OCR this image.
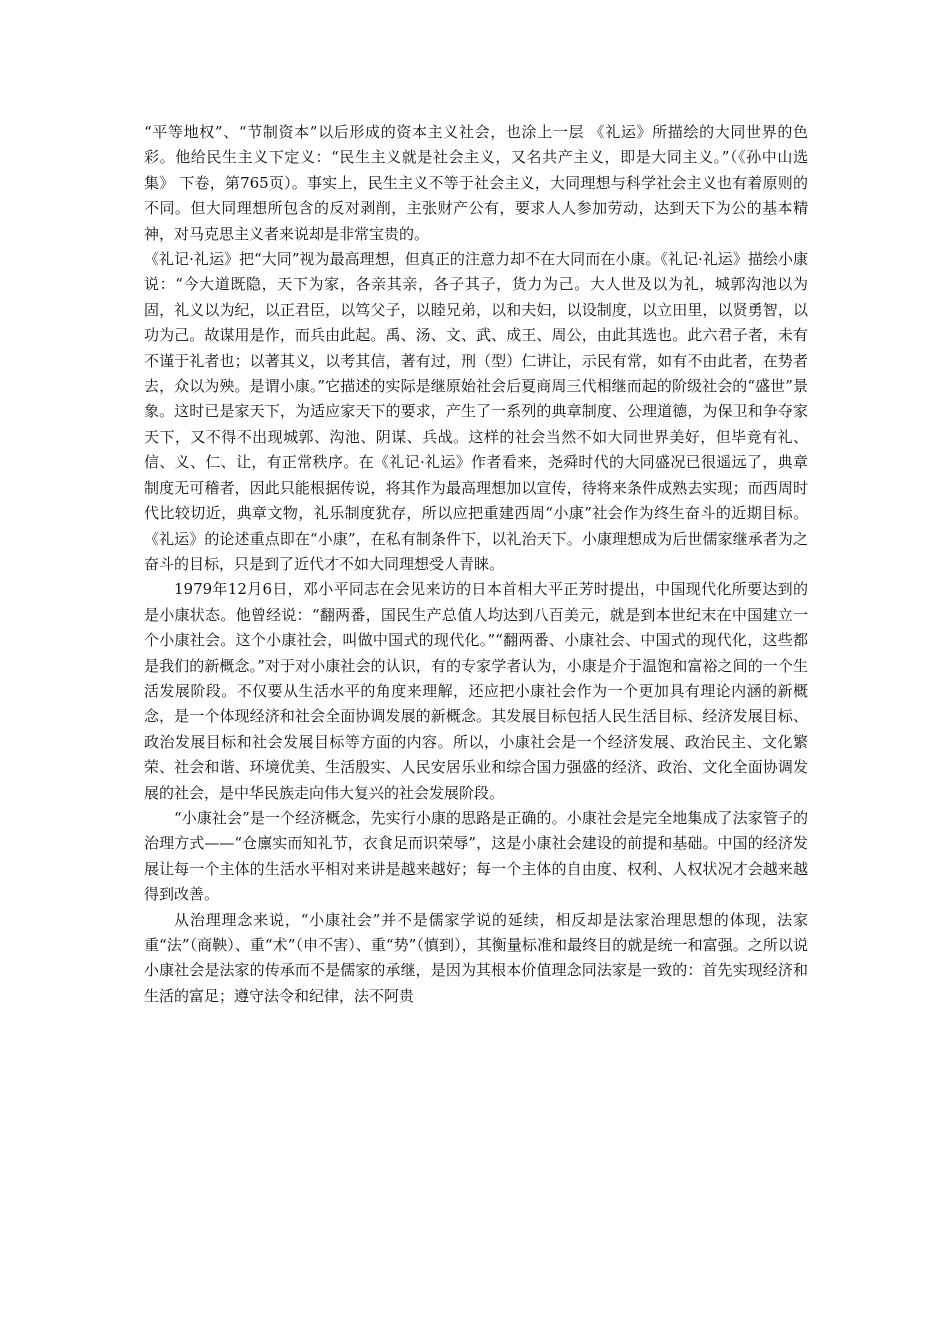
“平等地权”、“节制资本”以后形成的资本主义社会，也涂上一层 《礼运》所描绘的大同世界的色彩。他给民生主义下定义：“民生主义就是社会主义，又名共产主义，即是大同主义。”（《孙中山选集》 下卷，第765页）。事实上，民生主义不等于社会主义，大同理想与科学社会主义也有着原则的不同。但大同理想所包含的反对剥削，主张财产公有，要求人人参加劳动，达到天下为公的基本精神，对马克思主义者来说却是非常宝贵的。

《礼记·礼运》把“大同”视为最高理想，但真正的注意力却不在大同而在小康。《礼记·礼运》描绘小康说：“今大道既隐，天下为家，各亲其亲，各子其子，货力为己。大人世及以为礼，城郭沟池以为固，礼义以为纪，以正君臣，以笃父子，以睦兄弟，以和夫妇，以设制度，以立田里，以贤勇智，以功为己。故谋用是作，而兵由此起。禹、汤、文、武、成王、周公，由此其选也。此六君子者，未有不谨于礼者也；以著其义，以考其信，著有过，刑（型）仁讲让，示民有常，如有不由此者，在势者去，众以为殃。是谓小康。”它描述的实际是继原始社会后夏商周三代相继而起的阶级社会的“盛世”景象。这时已是家天下，为适应家天下的要求，产生了一系列的典章制度、公理道德，为保卫和争夺家天下，又不得不出现城郭、沟池、阴谋、兵战。这样的社会当然不如大同世界美好，但毕竟有礼、信、义、仁、让，有正常秩序。在《礼记·礼运》作者看来，尧舜时代的大同盛况已很遥远了，典章制度无可稽者，因此只能根据传说，将其作为最高理想加以宣传，待将来条件成熟去实现；而西周时代比较切近，典章文物，礼乐制度犹存，所以应把重建西周“小康”社会作为终生奋斗的近期目标。《礼运》的论述重点即在“小康”，在私有制条件下，以礼治天下。小康理想成为后世儒家继承者为之奋斗的目标，只是到了近代才不如大同理想受人青睐。

1979年12月6日，邓小平同志在会见来访的日本首相大平正芳时提出，中国现代化所要达到的是小康状态。他曾经说：“翻两番，国民生产总值人均达到八百美元，就是到本世纪末在中国建立一个小康社会。这个小康社会，叫做中国式的现代化。”“翻两番、小康社会、中国式的现代化，这些都是我们的新概念。”对于对小康社会的认识，有的专家学者认为，小康是介于温饱和富裕之间的一个生活发展阶段。不仅要从生活水平的角度来理解，还应把小康社会作为一个更加具有理论内涵的新概念，是一个体现经济和社会全面协调发展的新概念。其发展目标包括人民生活目标、经济发展目标、政治发展目标和社会发展目标等方面的内容。所以，小康社会是一个经济发展、政治民主、文化繁荣、社会和谐、环境优美、生活殷实、人民安居乐业和综合国力强盛的经济、政治、文化全面协调发展的社会，是中华民族走向伟大复兴的社会发展阶段。

“小康社会”是一个经济概念，先实行小康的思路是正确的。小康社会是完全地集成了法家管子的治理方式——“仓廪实而知礼节，衣食足而识荣辱”，这是小康社会建设的前提和基础。中国的经济发展让每一个主体的生活水平相对来讲是越来越好；每一个主体的自由度、权利、人权状况才会越来越得到改善。

从治理理念来说，“小康社会”并不是儒家学说的延续，相反却是法家治理思想的体现，法家重“法”（商鞅）、重“术”（申不害）、重“势”（慎到），其衡量标准和最终目的就是统一和富强。之所以说小康社会是法家的传承而不是儒家的承继，是因为其根本价值理念同法家是一致的：首先实现经济和生活的富足；遵守法令和纪律，法不阿贵
